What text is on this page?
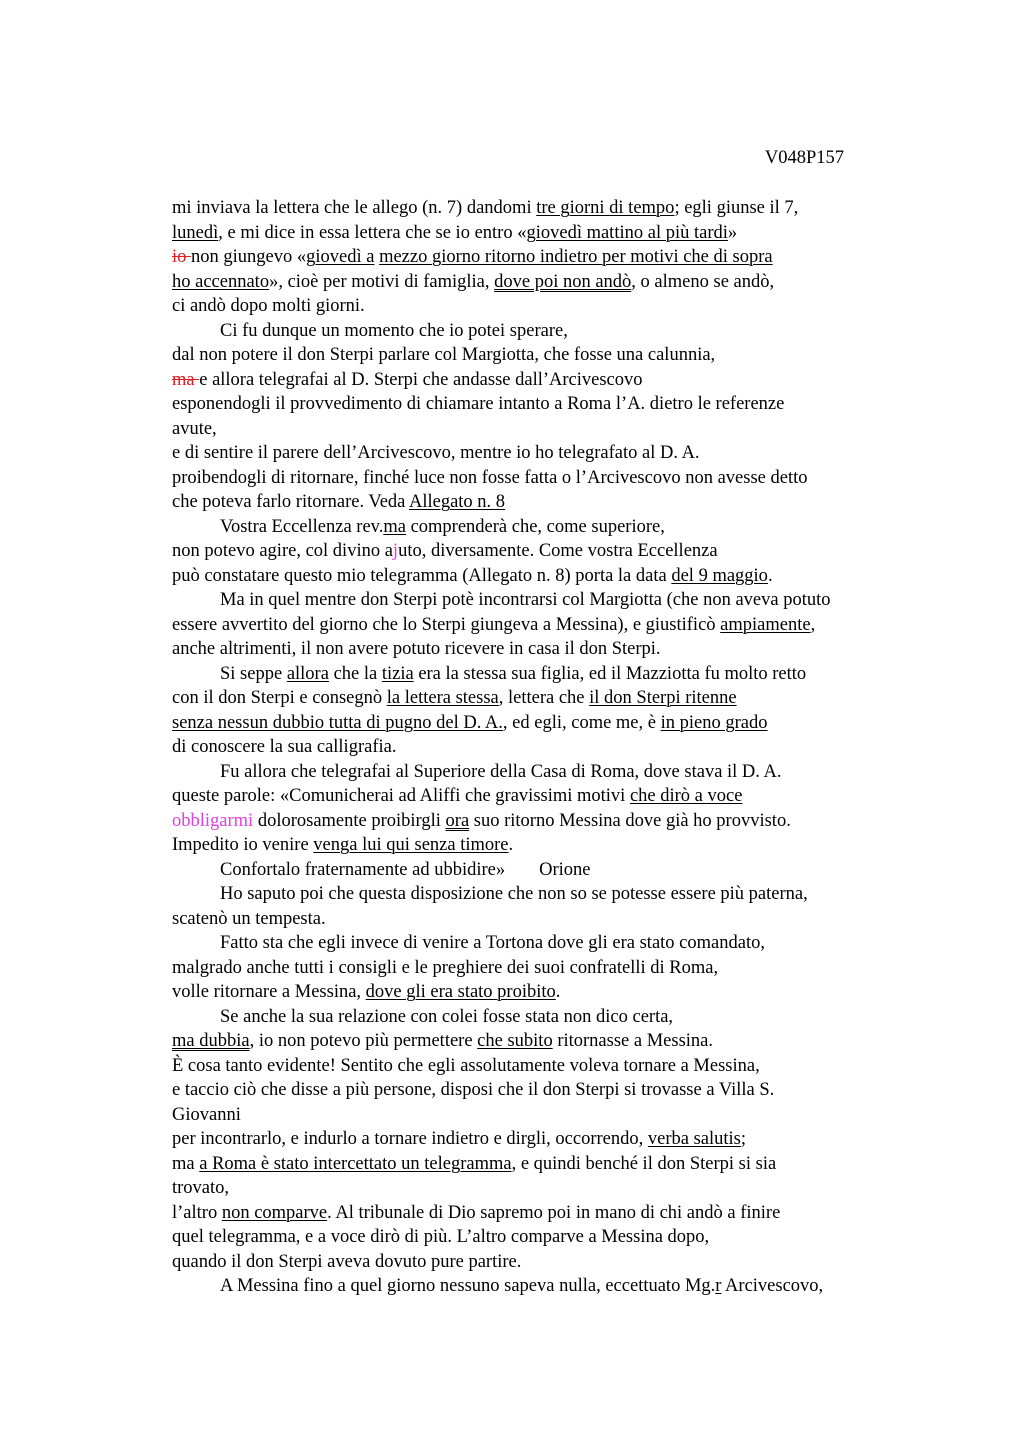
V048P157
mi inviava la lettera che le allego (n. 7) dandomi tre giorni di tempo; egli giunse il 7,
lunedì, e mi dice in essa lettera che se io entro «giovedì mattino al più tardi»
io non giungevo «giovedì a mezzo giorno ritorno indietro per motivi che di sopra
ho accennato», cioè per motivi di famiglia, dove poi non andò, o almeno se andò,
ci andò dopo molti giorni.
Ci fu dunque un momento che io potei sperare,
dal non potere il don Sterpi parlare col Margiotta, che fosse una calunnia,
ma e allora telegrafai al D. Sterpi che andasse dall’Arcivescovo
esponendogli il provvedimento di chiamare intanto a Roma l’A. dietro le referenze
avute,
e di sentire il parere dell’Arcivescovo, mentre io ho telegrafato al D. A.
proibendogli di ritornare, finché luce non fosse fatta o l’Arcivescovo non avesse detto
che poteva farlo ritornare. Veda Allegato n. 8
Vostra Eccellenza rev.ma comprenderà che, come superiore,
non potevo agire, col divino ajuto, diversamente. Come vostra Eccellenza
può constatare questo mio telegramma (Allegato n. 8) porta la data del 9 maggio.
Ma in quel mentre don Sterpi potè incontrarsi col Margiotta (che non aveva potuto
essere avvertito del giorno che lo Sterpi giungeva a Messina), e giustificò ampiamente,
anche altrimenti, il non avere potuto ricevere in casa il don Sterpi.
Si seppe allora che la tizia era la stessa sua figlia, ed il Mazziotta fu molto retto
con il don Sterpi e consegnò la lettera stessa, lettera che il don Sterpi ritenne
senza nessun dubbio tutta di pugno del D. A., ed egli, come me, è in pieno grado
di conoscere la sua calligrafia.
Fu allora che telegrafai al Superiore della Casa di Roma, dove stava il D. A.
queste parole: «Comunicherai ad Aliffi che gravissimi motivi che dirò a voce
obbligarmi dolorosamente proibirgli ora suo ritorno Messina dove già ho provvisto.
Impedito io venire venga lui qui senza timore.
Confortalo fraternamente ad ubbidire» Orione
Ho saputo poi che questa disposizione che non so se potesse essere più paterna,
scatenò un tempesta.
Fatto sta che egli invece di venire a Tortona dove gli era stato comandato,
malgrado anche tutti i consigli e le preghiere dei suoi confratelli di Roma,
volle ritornare a Messina, dove gli era stato proibito.
Se anche la sua relazione con colei fosse stata non dico certa,
ma dubbia, io non potevo più permettere che subito ritornasse a Messina.
È cosa tanto evidente! Sentito che egli assolutamente voleva tornare a Messina,
e taccio ciò che disse a più persone, disposi che il don Sterpi si trovasse a Villa S.
Giovanni
per incontrarlo, e indurlo a tornare indietro e dirgli, occorrendo, verba salutis;
ma a Roma è stato intercettato un telegramma, e quindi benché il don Sterpi si sia
trovato,
l’altro non comparve. Al tribunale di Dio sapremo poi in mano di chi andò a finire
quel telegramma, e a voce dirò di più. L’altro comparve a Messina dopo,
quando il don Sterpi aveva dovuto pure partire.
A Messina fino a quel giorno nessuno sapeva nulla, eccettuato Mg.r Arcivescovo,
